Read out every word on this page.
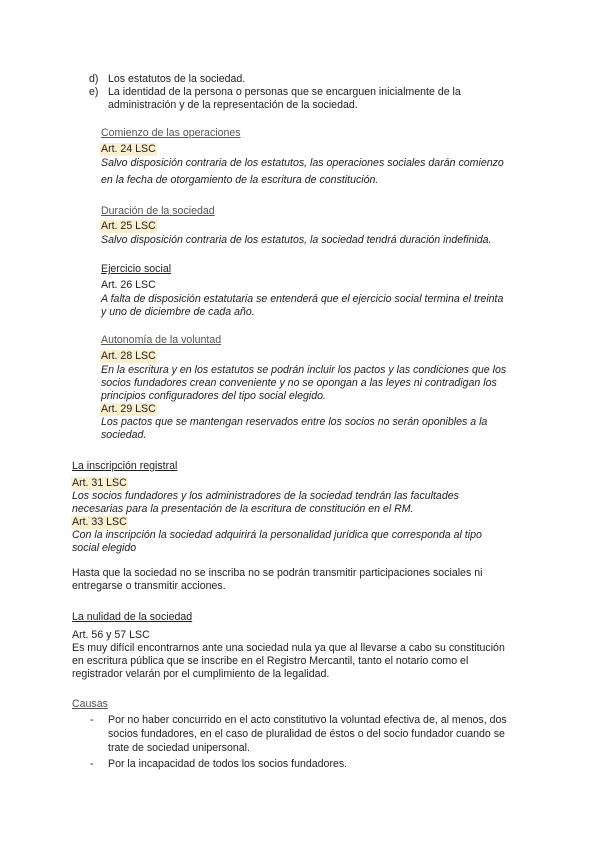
d) Los estatutos de la sociedad.
e) La identidad de la persona o personas que se encarguen inicialmente de la
administración y de la representación de la sociedad.
Comienzo de las operaciones
Art. 24 LSC
Salvo disposición contraria de los estatutos, las operaciones sociales darán comienzo
en la fecha de otorgamiento de la escritura de constitución.
Duración de la sociedad
Art. 25 LSC
Salvo disposición contraria de los estatutos, la sociedad tendrá duración indefinida.
Ejercicio social
Art. 26 LSC
A falta de disposición estatutaria se entenderá que el ejercicio social termina el treinta
y uno de diciembre de cada año.
Autonomía de la voluntad
Art. 28 LSC
En la escritura y en los estatutos se podrán incluir los pactos y las condiciones que los
socios fundadores crean conveniente y no se opongan a las leyes ni contradigan los
principios configuradores del tipo social elegido.
Art. 29 LSC
Los pactos que se mantengan reservados entre los socios no serán oponibles a la
sociedad.
La inscripción registral
Art. 31 LSC
Los socios fundadores y los administradores de la sociedad tendrán las facultades
necesarias para la presentación de la escritura de constitución en el RM.
Art. 33 LSC
Con la inscripción la sociedad adquirirá la personalidad jurídica que corresponda al tipo
social elegido
Hasta que la sociedad no se inscriba no se podrán transmitir participaciones sociales ni
entregarse o transmitir acciones.
La nulidad de la sociedad
Art. 56 y 57 LSC
Es muy difícil encontrarnos ante una sociedad nula ya que al llevarse a cabo su constitución
en escritura pública que se inscribe en el Registro Mercantil, tanto el notario como el
registrador velarán por el cumplimiento de la legalidad.
Causas
- Por no haber concurrido en el acto constitutivo la voluntad efectiva de, al menos, dos
socios fundadores, en el caso de pluralidad de éstos o del socio fundador cuando se
trate de sociedad unipersonal.
- Por la incapacidad de todos los socios fundadores.
